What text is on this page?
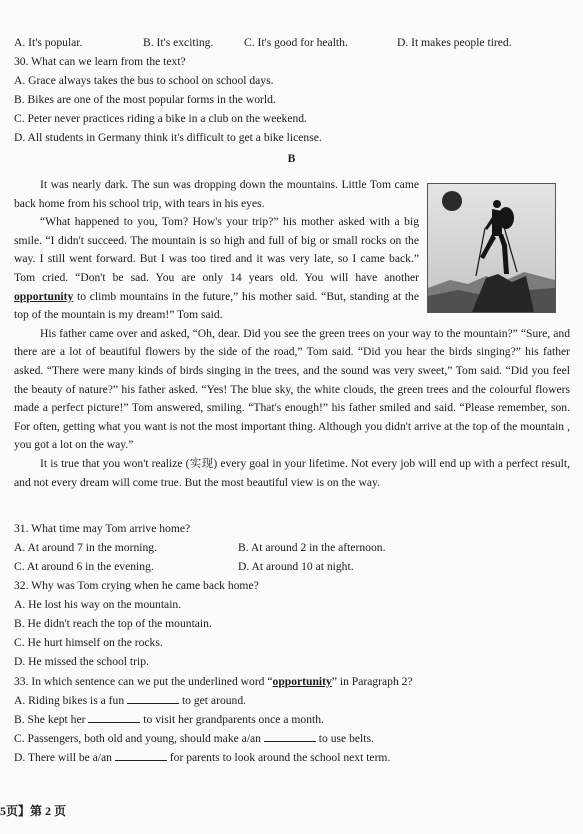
A. It's popular.	B. It's exciting.	C. It's good for health.	D. It makes people tired.
30. What can we learn from the text?
A. Grace always takes the bus to school on school days.
B. Bikes are one of the most popular forms in the world.
C. Peter never practices riding a bike in a club on the weekend.
D. All students in Germany think it's difficult to get a bike license.
B

It was nearly dark. The sun was dropping down the mountains. Little Tom came back home from his school trip, with tears in his eyes.

“What happened to you, Tom? How's your trip?” his mother asked with a big smile. “I didn't succeed. The mountain is so high and full of big or small rocks on the way. I still went forward. But I was too tired and it was very late, so I came back.” Tom cried. “Don't be sad. You are only 14 years old. You will have another opportunity to climb mountains in the future,” his mother said. “But, standing at the top of the mountain is my dream!” Tom said.

His father came over and asked, “Oh, dear. Did you see the green trees on your way to the mountain?” “Sure, and there are a lot of beautiful flowers by the side of the road,” Tom said. “Did you hear the birds singing?” his father asked. “There were many kinds of birds singing in the trees, and the sound was very sweet,” Tom said. “Did you feel the beauty of nature?” his father asked. “Yes! The blue sky, the white clouds, the green trees and the colourful flowers made a perfect picture!” Tom answered, smiling. “That's enough!” his father smiled and said. “Please remember, son. For often, getting what you want is not the most important thing. Although you didn't arrive at the top of the mountain , you got a lot on the way.”

It is true that you won't realize (实现) every goal in your lifetime. Not every job will end up with a perfect result, and not every dream will come true. But the most beautiful view is on the way.

31. What time may Tom arrive home?
A. At around 7 in the morning.	B. At around 2 in the afternoon.
C. At around 6 in the evening.	D. At around 10 at night.
32. Why was Tom crying when he came back home?
A. He lost his way on the mountain.
B. He didn't reach the top of the mountain.
C. He hurt himself on the rocks.
D. He missed the school trip.
33. In which sentence can we put the underlined word “opportunity” in Paragraph 2?
A. Riding bikes is a fun	to get around.
B. She kept her	to visit her grandparents once a month.
C. Passengers, both old and young, should make a/an	to use belts.
D. There will be a/an	for parents to look around the school next term.
5页】第 2 页
